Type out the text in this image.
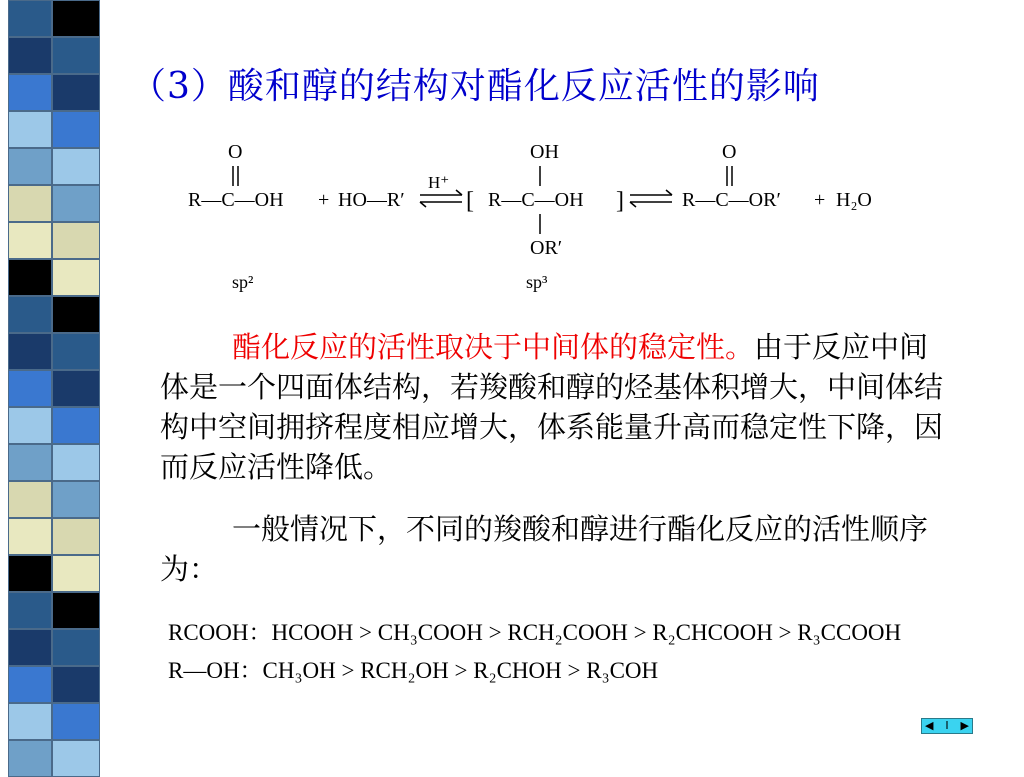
（3）酸和醇的结构对酯化反应活性的影响
O
R—C—OH + HO—R′
H⁺
[
OH
R—C—OH
OR′
]
O
R—C—OR′ + H₂O
sp²	sp³
酯化反应的活性取决于中间体的稳定性。由于反应中间体是一个四面体结构，若羧酸和醇的烃基体积增大，中间体结构中空间拥挤程度相应增大，体系能量升高而稳定性下降，因而反应活性降低。
一般情况下，不同的羧酸和醇进行酯化反应的活性顺序为：
RCOOH：HCOOH > CH₃COOH > RCH₂COOH > R₂CHCOOH > R₃CCOOH
R—OH：CH₃OH > RCH₂OH > R₂CHOH > R₃COH
◀ I ▶
